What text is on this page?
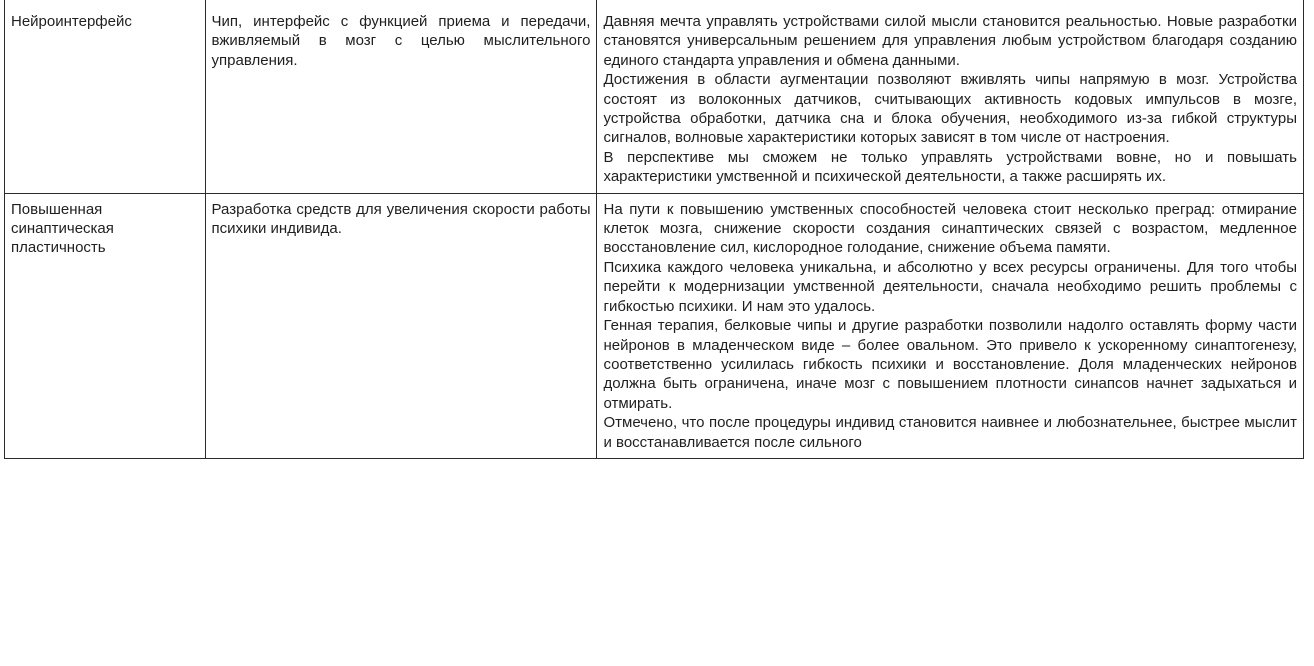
Нейроинтерфейс	Чип, интерфейс с функцией приема и передачи, вживляемый в мозг с целью мыслительного управления.	Давняя мечта управлять устройствами силой мысли становится реальностью. Новые разработки становятся универсальным решением для управления любым устройством благодаря созданию единого стандарта управления и обмена данными.
Достижения в области аугментации позволяют вживлять чипы напрямую в мозг. Устройства состоят из волоконных датчиков, считывающих активность кодовых импульсов в мозге, устройства обработки, датчика сна и блока обучения, необходимого из-за гибкой структуры сигналов, волновые характеристики которых зависят в том числе от настроения.
В перспективе мы сможем не только управлять устройствами вовне, но и повышать характеристики умственной и психической деятельности, а также расширять их.

Повышенная синаптическая пластичность	Разработка средств для увеличения скорости работы психики индивида.	На пути к повышению умственных способностей человека стоит несколько преград: отмирание клеток мозга, снижение скорости создания синаптических связей с возрастом, медленное восстановление сил, кислородное голодание, снижение объема памяти.
Психика каждого человека уникальна, и абсолютно у всех ресурсы ограничены. Для того чтобы перейти к модернизации умственной деятельности, сначала необходимо решить проблемы с гибкостью психики. И нам это удалось.
Генная терапия, белковые чипы и другие разработки позволили надолго оставлять форму части нейронов в младенческом виде – более овальном. Это привело к ускоренному синаптогенезу, соответственно усилилась гибкость психики и восстановление. Доля младенческих нейронов должна быть ограничена, иначе мозг с повышением плотности синапсов начнет задыхаться и отмирать.
Отмечено, что после процедуры индивид становится наивнее и любознательнее, быстрее мыслит и восстанавливается после сильного
